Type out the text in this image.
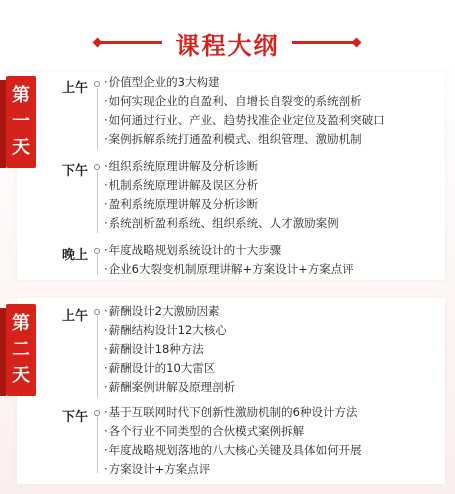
课程大纲
第
一
天
第
二
天
上午	· 价值型企业的3大构建
· 如何实现企业的自盈利、自增长自裂变的系统剖析
· 如何通过行业、产业、趋势找准企业定位及盈利突破口
· 案例拆解系统打通盈利模式、组织管理、激励机制
下午	· 组织系统原理讲解及分析诊断
· 机制系统原理讲解及误区分析
· 盈利系统原理讲解及分析诊断
· 系统剖析盈利系统、组织系统、人才激励案例
晚上	· 年度战略规划系统设计的十大步骤
· 企业6大裂变机制原理讲解+方案设计+方案点评
上午	· 薪酬设计2大激励因素
· 薪酬结构设计12大核心
· 薪酬设计18种方法
· 薪酬设计的10大雷区
· 薪酬案例讲解及原理剖析
下午	· 基于互联网时代下创新性激励机制的6种设计方法
· 各个行业不同类型的合伙模式案例拆解
· 年度战略规划落地的八大核心关键及具体如何开展
· 方案设计+方案点评
